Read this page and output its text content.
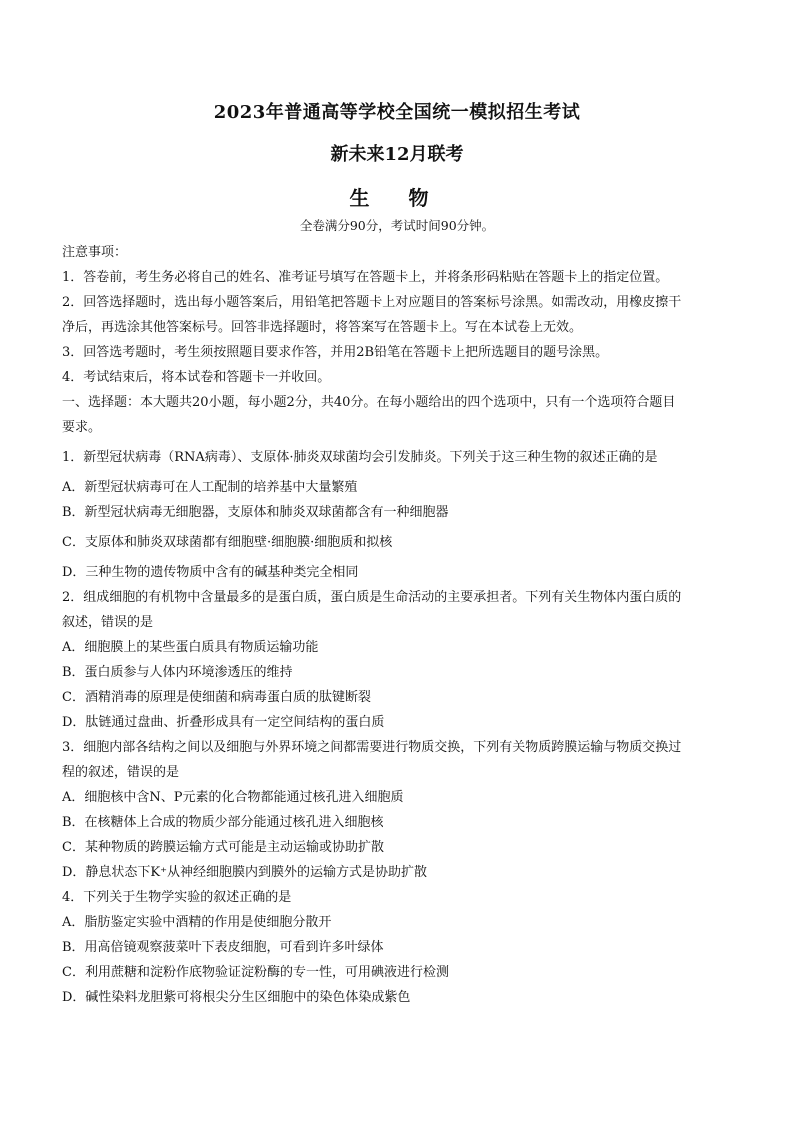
2023年普通高等学校全国统一模拟招生考试
新未来12月联考
生 物
全卷满分90分，考试时间90分钟。

注意事项：

1．答卷前，考生务必将自己的姓名、准考证号填写在答题卡上，并将条形码粘贴在答题卡上的指定位置。

2．回答选择题时，选出每小题答案后，用铅笔把答题卡上对应题目的答案标号涂黑。如需改动，用橡皮擦干

净后，再选涂其他答案标号。回答非选择题时，将答案写在答题卡上。写在本试卷上无效。

3．回答选考题时，考生须按照题目要求作答，并用2B铅笔在答题卡上把所选题目的题号涂黑。

4．考试结束后，将本试卷和答题卡一并收回。

一、选择题：本大题共20小题，每小题2分，共40分。在每小题给出的四个选项中，只有一个选项符合题目

要求。

1．新型冠状病毒（RNA病毒）、支原体·肺炎双球菌均会引发肺炎。下列关于这三种生物的叙述正确的是

A．新型冠状病毒可在人工配制的培养基中大量繁殖

B．新型冠状病毒无细胞器，支原体和肺炎双球菌都含有一种细胞器

C．支原体和肺炎双球菌都有细胞壁·细胞膜·细胞质和拟核

D．三种生物的遗传物质中含有的碱基种类完全相同

2．组成细胞的有机物中含量最多的是蛋白质，蛋白质是生命活动的主要承担者。下列有关生物体内蛋白质的

叙述，错误的是

A．细胞膜上的某些蛋白质具有物质运输功能

B．蛋白质参与人体内环境渗透压的维持

C．酒精消毒的原理是使细菌和病毒蛋白质的肽键断裂

D．肽链通过盘曲、折叠形成具有一定空间结构的蛋白质

3．细胞内部各结构之间以及细胞与外界环境之间都需要进行物质交换，下列有关物质跨膜运输与物质交换过

程的叙述，错误的是

A．细胞核中含N、P元素的化合物都能通过核孔进入细胞质

B．在核糖体上合成的物质少部分能通过核孔进入细胞核

C．某种物质的跨膜运输方式可能是主动运输或协助扩散

D．静息状态下K⁺从神经细胞膜内到膜外的运输方式是协助扩散

4．下列关于生物学实验的叙述正确的是

A．脂肪鉴定实验中酒精的作用是使细胞分散开

B．用高倍镜观察菠菜叶下表皮细胞，可看到许多叶绿体

C．利用蔗糖和淀粉作底物验证淀粉酶的专一性，可用碘液进行检测

D．碱性染料龙胆紫可将根尖分生区细胞中的染色体染成紫色
